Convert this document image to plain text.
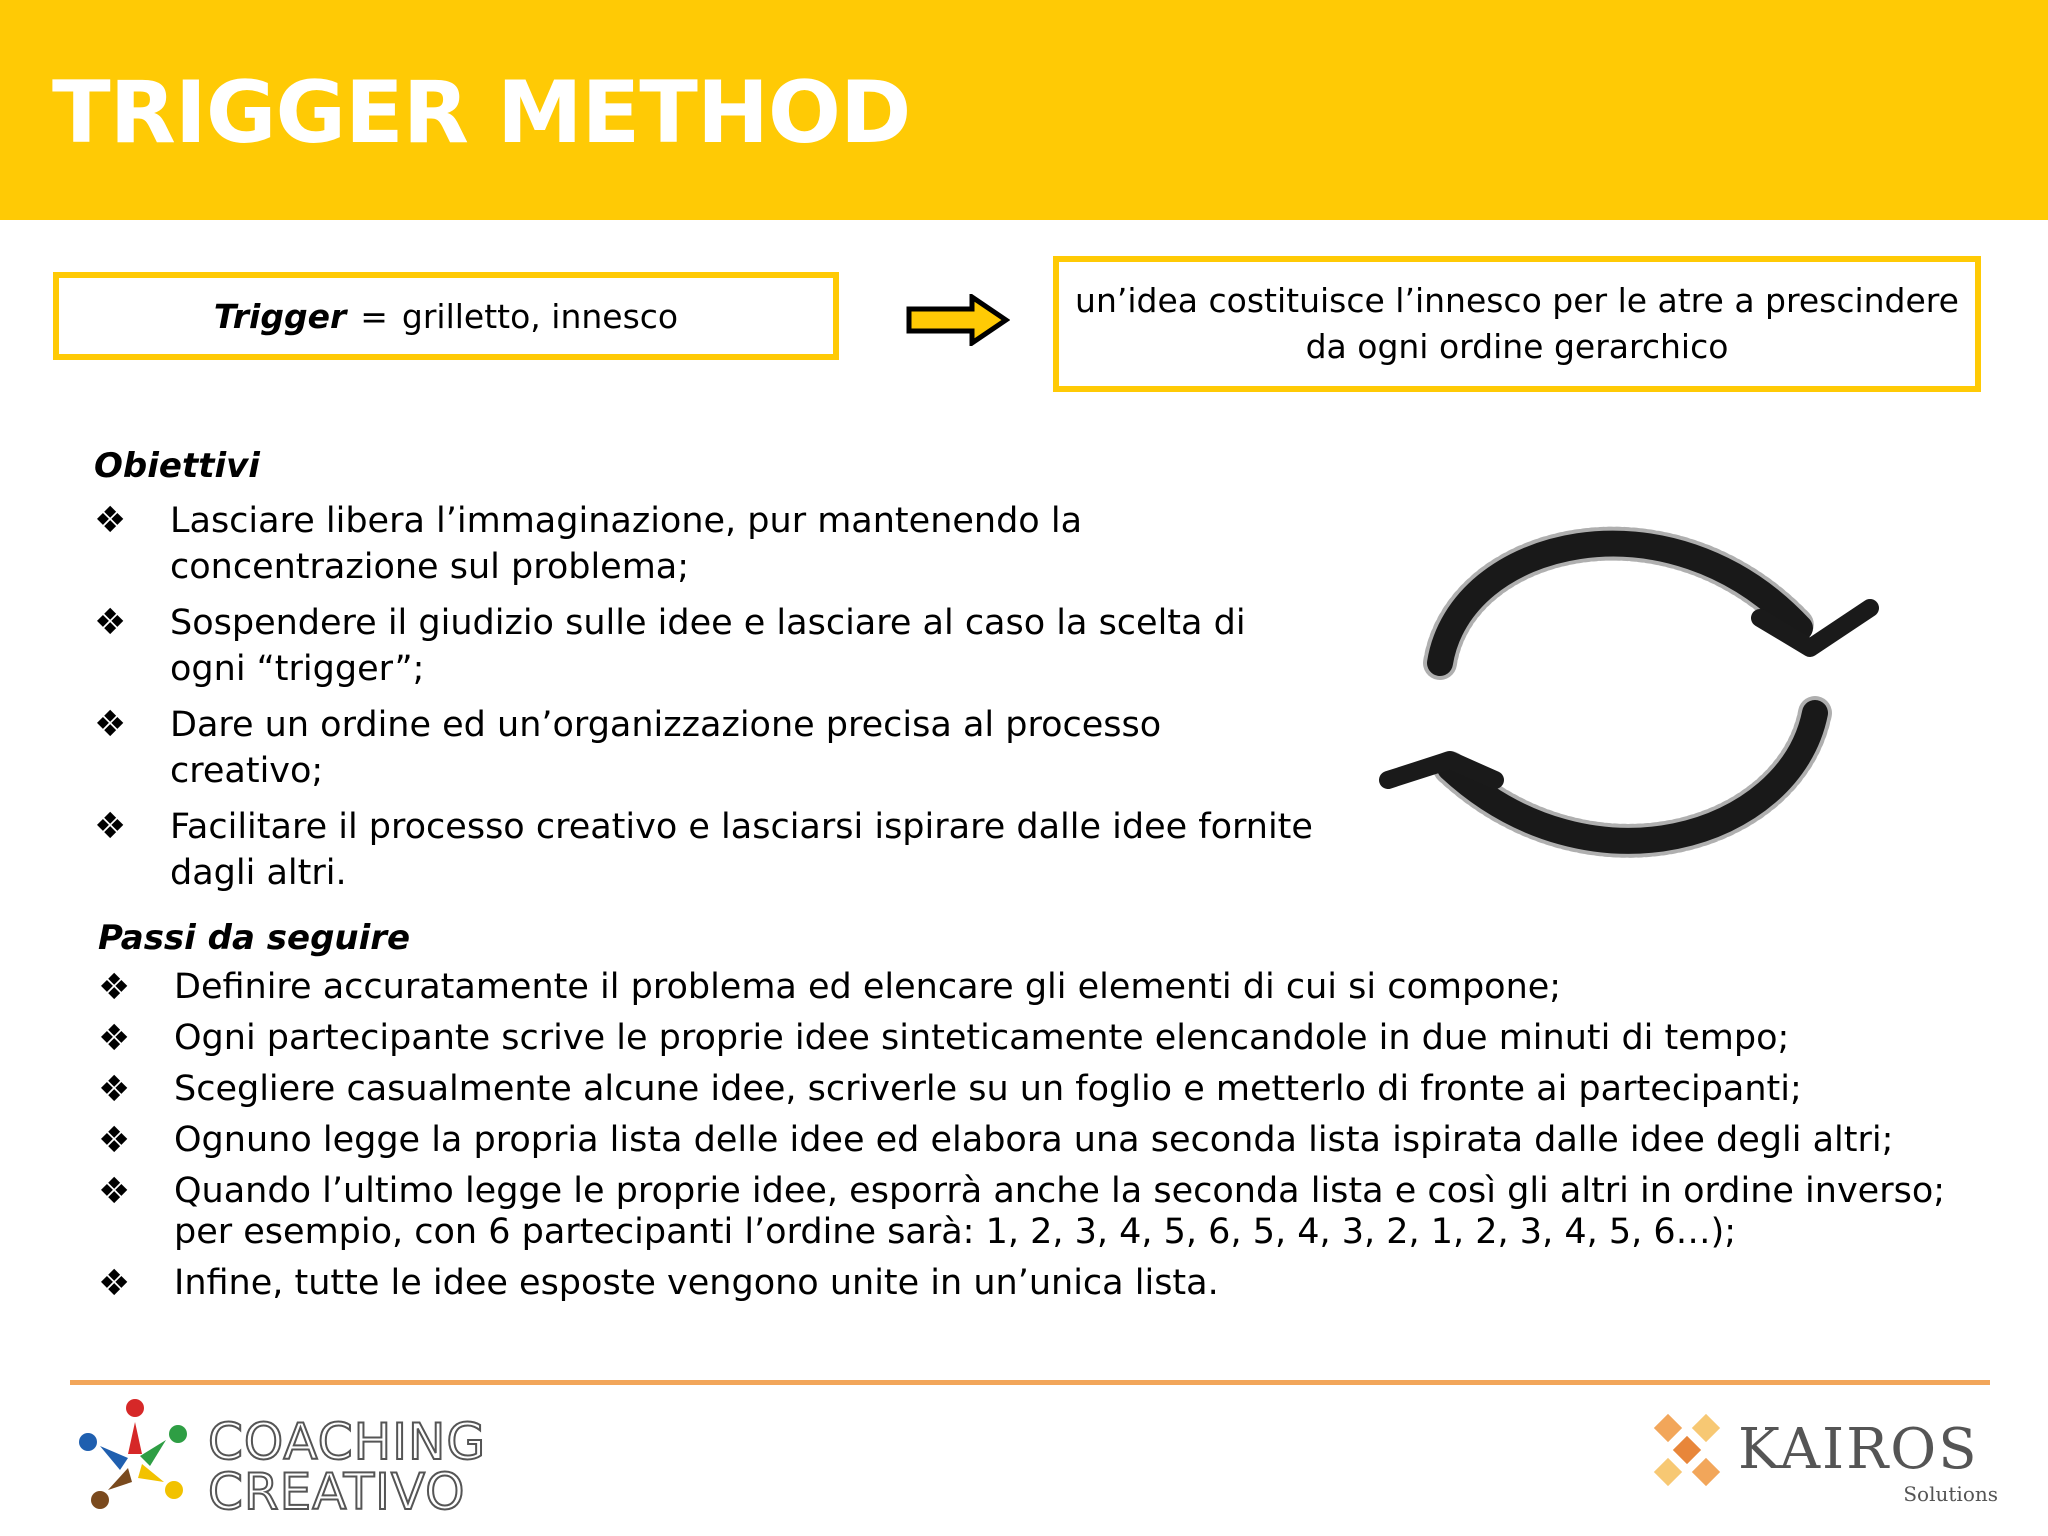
TRIGGER METHOD
Trigger = grilletto, innesco	un’idea costituisce l’innesco per le atre a prescindere
da ogni ordine gerarchico
Obiettivi
❖ Lasciare libera l’immaginazione, pur mantenendo la concentrazione sul problema;
❖ Sospendere il giudizio sulle idee e lasciare al caso la scelta di ogni “trigger”;
❖ Dare un ordine ed un’organizzazione precisa al processo creativo;
❖ Facilitare il processo creativo e lasciarsi ispirare dalle idee fornite dagli altri.
Passi da seguire
❖ Definire accuratamente il problema ed elencare gli elementi di cui si compone;
❖ Ogni partecipante scrive le proprie idee sinteticamente elencandole in due minuti di tempo;
❖ Scegliere casualmente alcune idee, scriverle su un foglio e metterlo di fronte ai partecipanti;
❖ Ognuno legge la propria lista delle idee ed elabora una seconda lista ispirata dalle idee degli altri;
❖ Quando l’ultimo legge le proprie idee, esporrà anche la seconda lista e così gli altri in ordine inverso; per esempio, con 6 partecipanti l’ordine sarà: 1, 2, 3, 4, 5, 6, 5, 4, 3, 2, 1, 2, 3, 4, 5, 6…);
❖ Infine, tutte le idee esposte vengono unite in un’unica lista.
COACHING
CREATIVO
KAIROS
Solutions
